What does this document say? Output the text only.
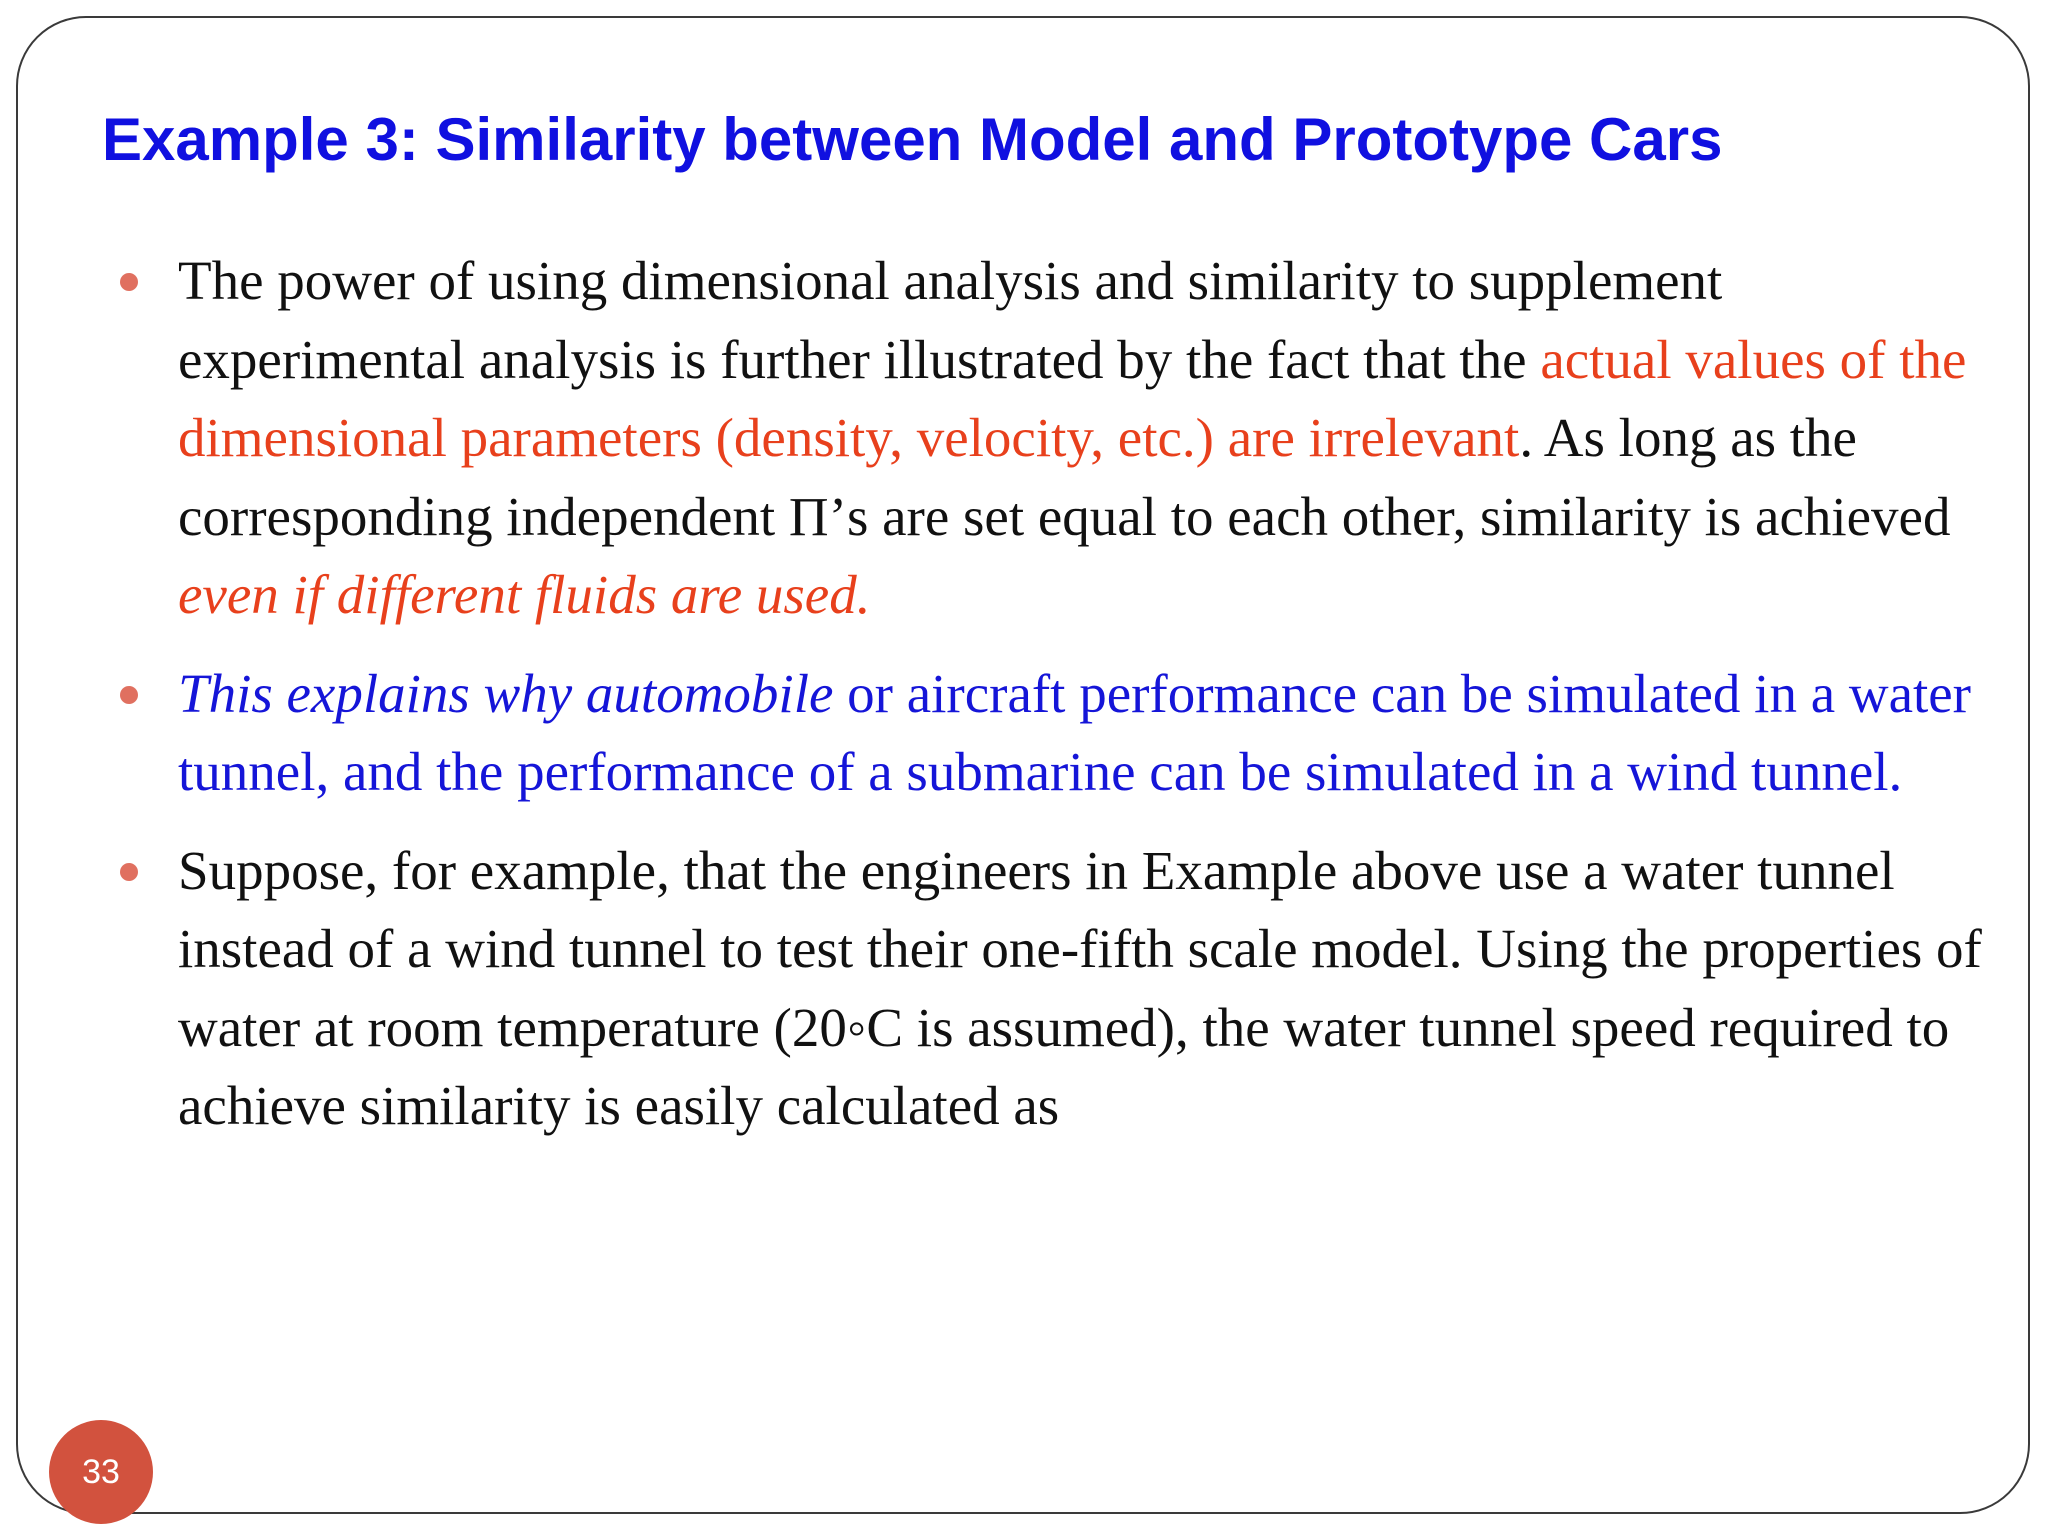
Example 3: Similarity between Model and Prototype Cars
The power of using dimensional analysis and similarity to supplement experimental analysis is further illustrated by the fact that the actual values of the dimensional parameters (density, velocity, etc.) are irrelevant. As long as the corresponding independent Π’s are set equal to each other, similarity is achieved even if different fluids are used.
This explains why automobile or aircraft performance can be simulated in a water tunnel, and the performance of a submarine can be simulated in a wind tunnel.
Suppose, for example, that the engineers in Example above use a water tunnel instead of a wind tunnel to test their one-fifth scale model. Using the properties of water at room temperature (20◦C is assumed), the water tunnel speed required to achieve similarity is easily calculated as
33
